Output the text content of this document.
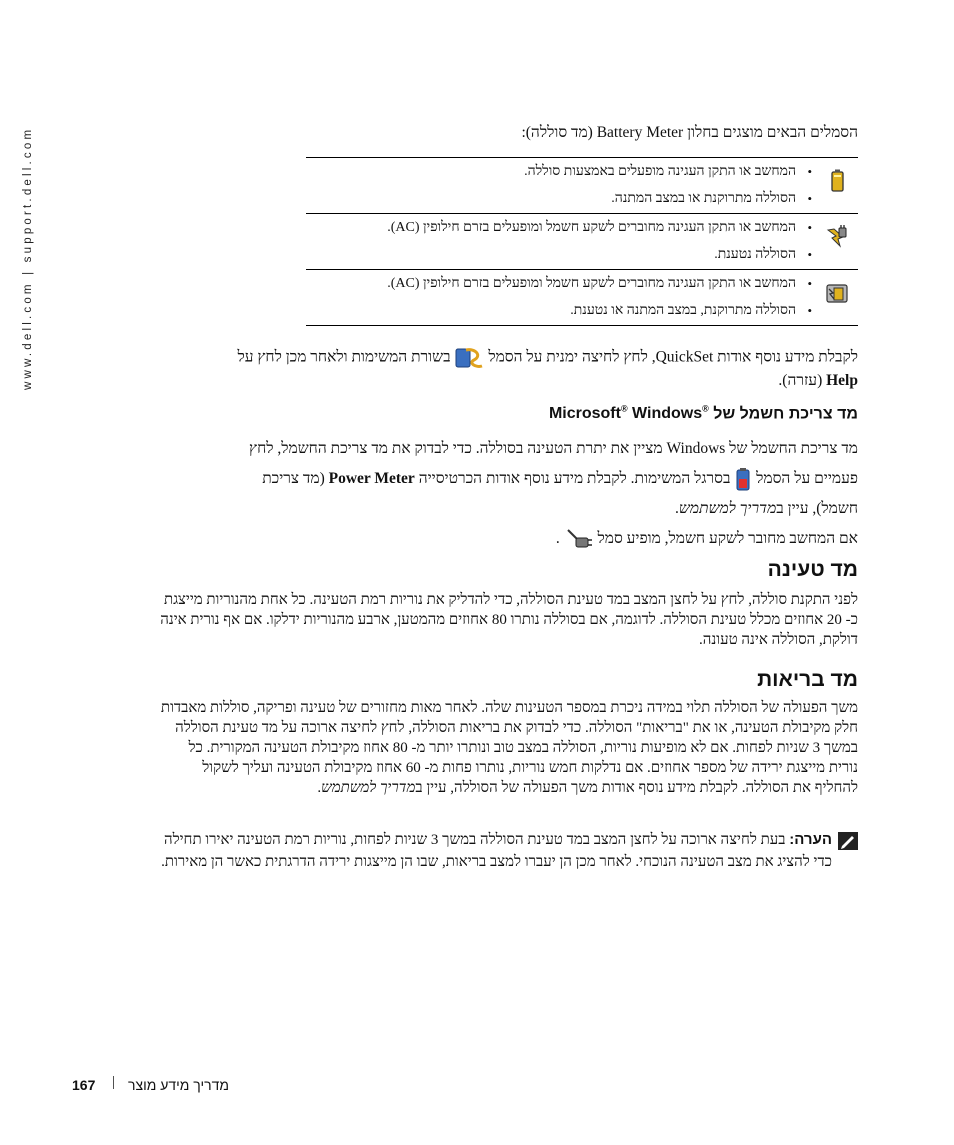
www.dell.com | support.dell.com	הסמלים הבאים מוצגים בחלון Battery Meter (מד סוללה):

• המחשב או התקן העגינה מופעלים באמצעות סוללה.
• הסוללה מתרוקנת או במצב המתנה.
• המחשב או התקן העגינה מחוברים לשקע חשמל ומופעלים בזרם חילופין (AC).
• הסוללה נטענת.
• המחשב או התקן העגינה מחוברים לשקע חשמל ומופעלים בזרם חילופין (AC).
• הסוללה מתרוקנת, במצב המתנה או נטענת.
לקבלת מידע נוסף אודות QuickSet, לחץ לחיצה ימנית על הסמל  בשורת המשימות ולאחר מכן לחץ על
Help (עזרה).
מד צריכת חשמל של Microsoft® Windows®

מד צריכת החשמל של Windows מציין את יתרת הטעינה בסוללה. כדי לבדוק את מד צריכת החשמל, לחץ

פעמיים על הסמל  בסרגל המשימות. לקבלת מידע נוסף אודות הכרטיסייה Power Meter (מד צריכת

חשמל), עיין במדריך למשתמש.

אם המחשב מחובר לשקע חשמל, מופיע סמל  .

מד טעינה

לפני התקנת סוללה, לחץ על לחצן המצב במד טעינת הסוללה, כדי להדליק את נוריות רמת הטעינה. כל אחת מהנוריות מייצגת כ- 20 אחוזים מכלל טעינת הסוללה. לדוגמה, אם בסוללה נותרו 80 אחוזים מהמטען, ארבע מהנוריות ידלקו. אם אף נורית אינה דולקת, הסוללה אינה טעונה.

מד בריאות

משך הפעולה של הסוללה תלוי במידה ניכרת במספר הטעינות שלה. לאחר מאות מחזורים של טעינה ופריקה, סוללות מאבדות חלק מקיבולת הטעינה, או את "בריאות" הסוללה. כדי לבדוק את בריאות הסוללה, לחץ לחיצה ארוכה על מד טעינת הסוללה במשך 3 שניות לפחות. אם לא מופיעות נוריות, הסוללה במצב טוב ונותרו יותר מ- 80 אחוז מקיבולת הטעינה המקורית. כל נורית מייצגת ירידה של מספר אחוזים. אם נדלקות חמש נוריות, נותרו פחות מ- 60 אחוז מקיבולת הטעינה ועליך לשקול להחליף את הסוללה. לקבלת מידע נוסף אודות משך הפעולה של הסוללה, עיין במדריך למשתמש.

הערה: בעת לחיצה ארוכה על לחצן המצב במד טעינת הסוללה במשך 3 שניות לפחות, נוריות רמת הטעינה יאירו תחילה כדי להציג את מצב הטעינה הנוכחי. לאחר מכן הן יעברו למצב בריאות, שבו הן מייצגות ירידה הדרגתית כאשר הן מאירות.

167 | מדריך מידע מוצר
